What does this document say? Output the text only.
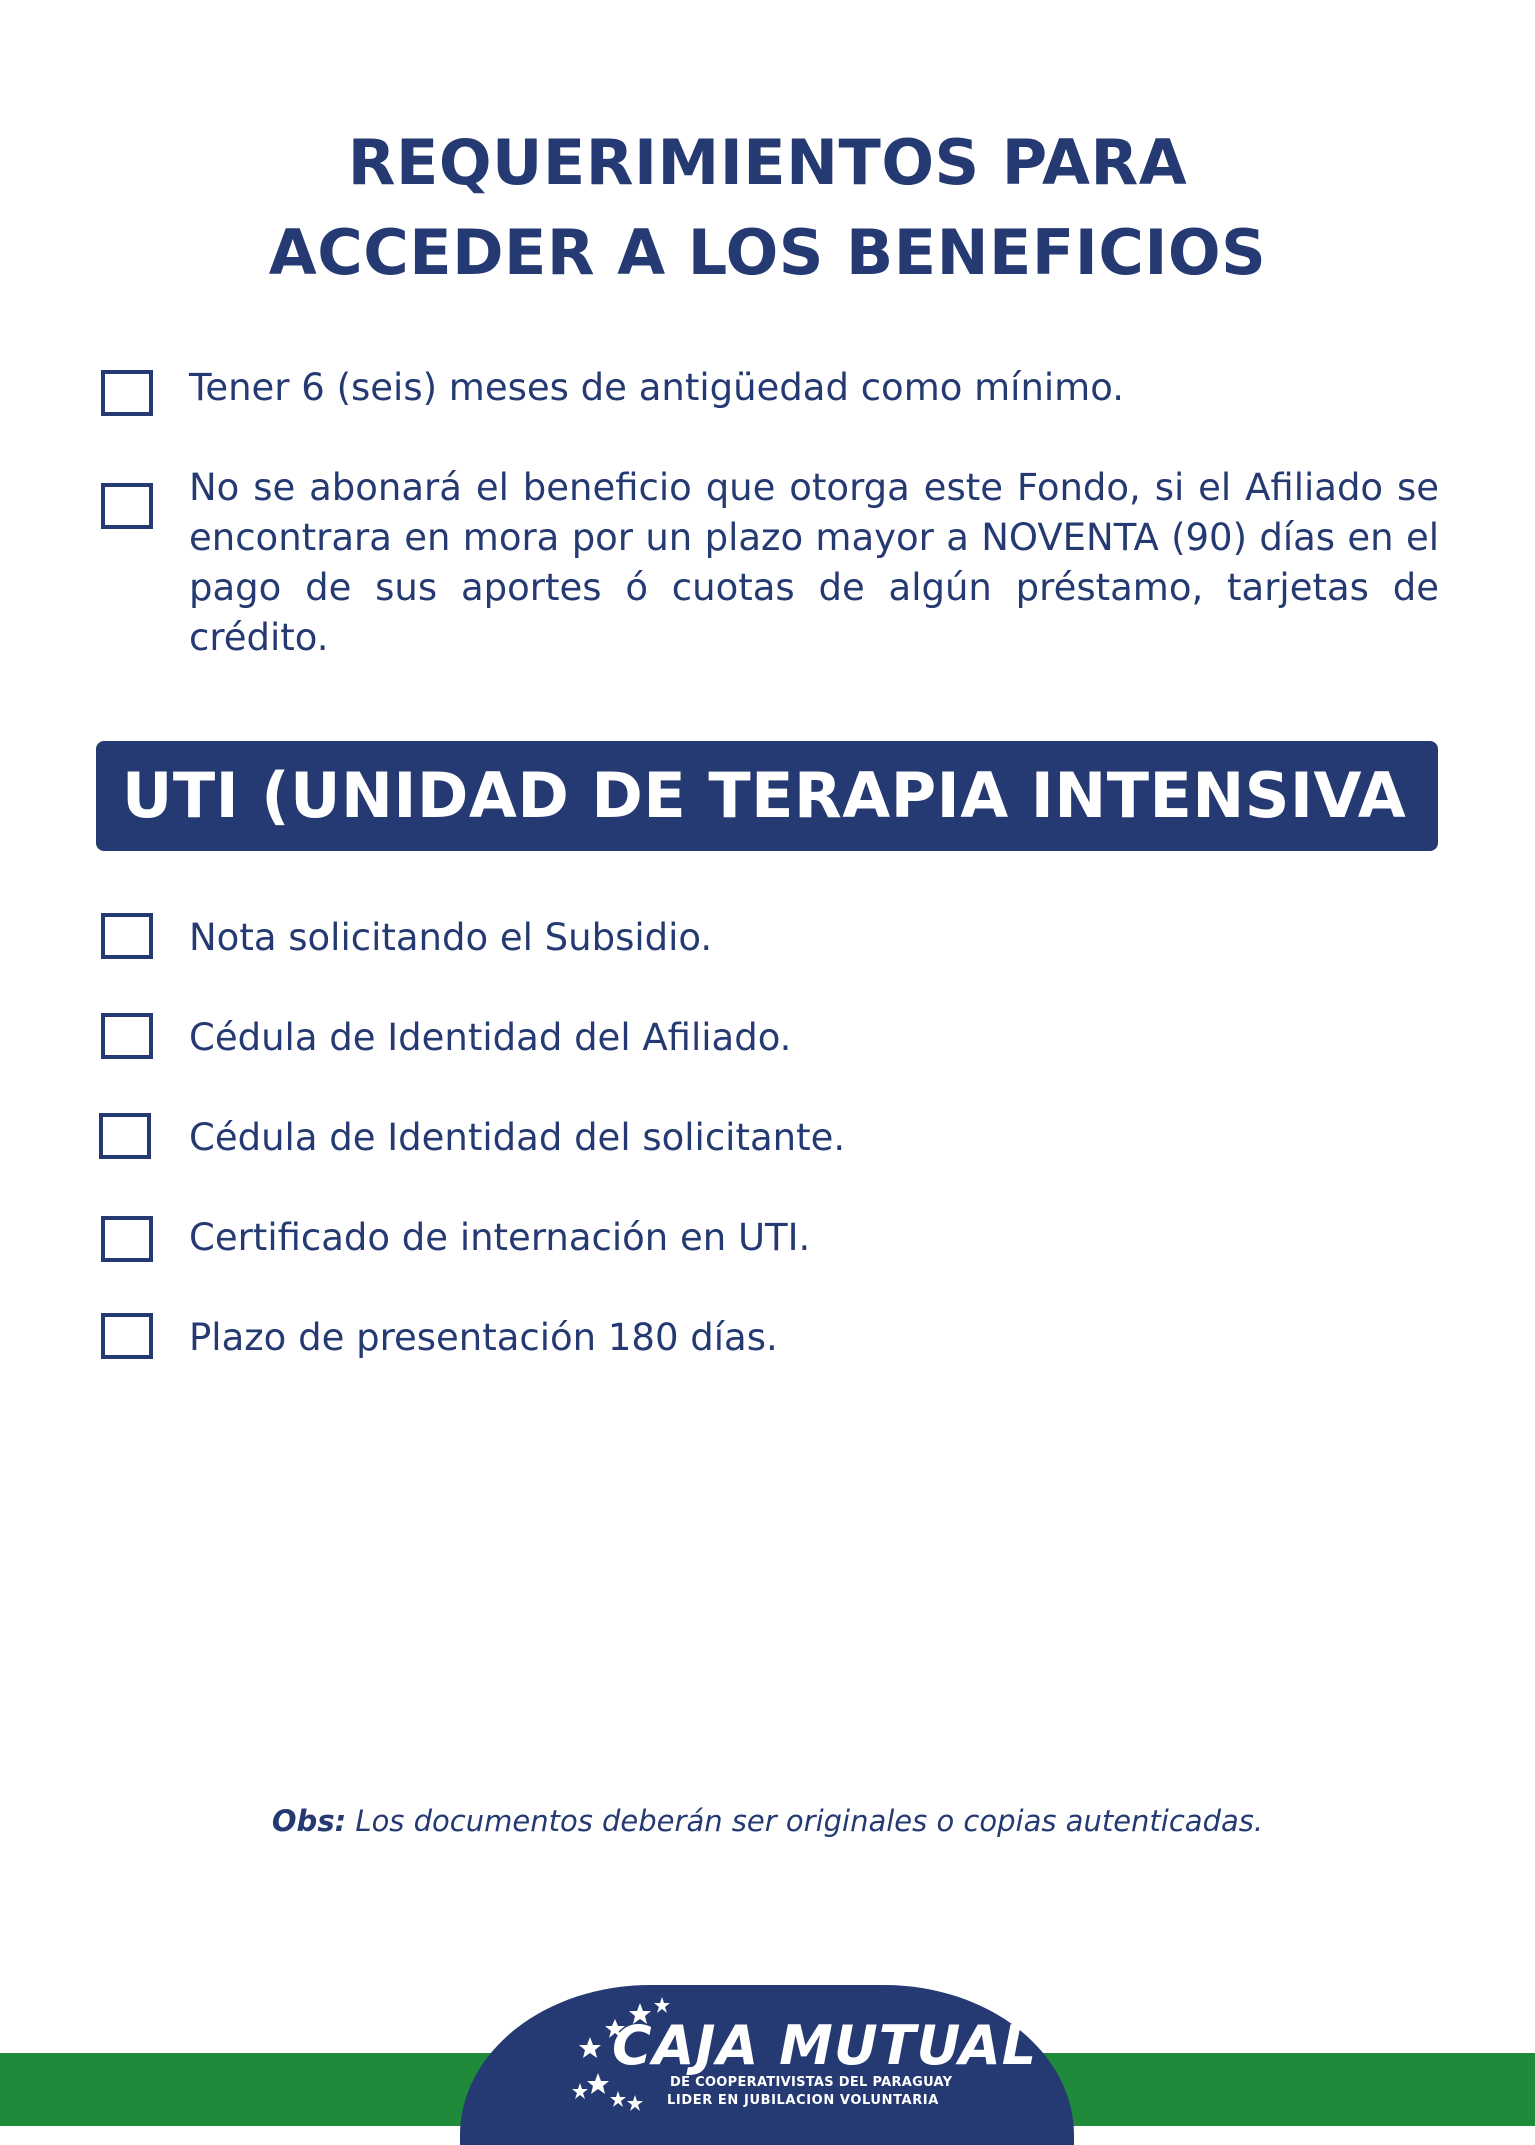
REQUERIMIENTOS PARA
ACCEDER A LOS BENEFICIOS

Tener 6 (seis) meses de antigüedad como mínimo.

No se abonará el beneficio que otorga este Fondo, si el Afiliado se encontrara en mora por un plazo mayor a NOVENTA (90) días en el pago de sus aportes ó cuotas de algún préstamo, tarjetas de crédito.

UTI (UNIDAD DE TERAPIA INTENSIVA

Nota solicitando el Subsidio.

Cédula de Identidad del Afiliado.

Cédula de Identidad del solicitante.

Certificado de internación en UTI.

Plazo de presentación 180 días.

Obs: Los documentos deberán ser originales o copias autenticadas.
CAJA MUTUAL
DE COOPERATIVISTAS DEL PARAGUAY
LIDER EN JUBILACION VOLUNTARIA
